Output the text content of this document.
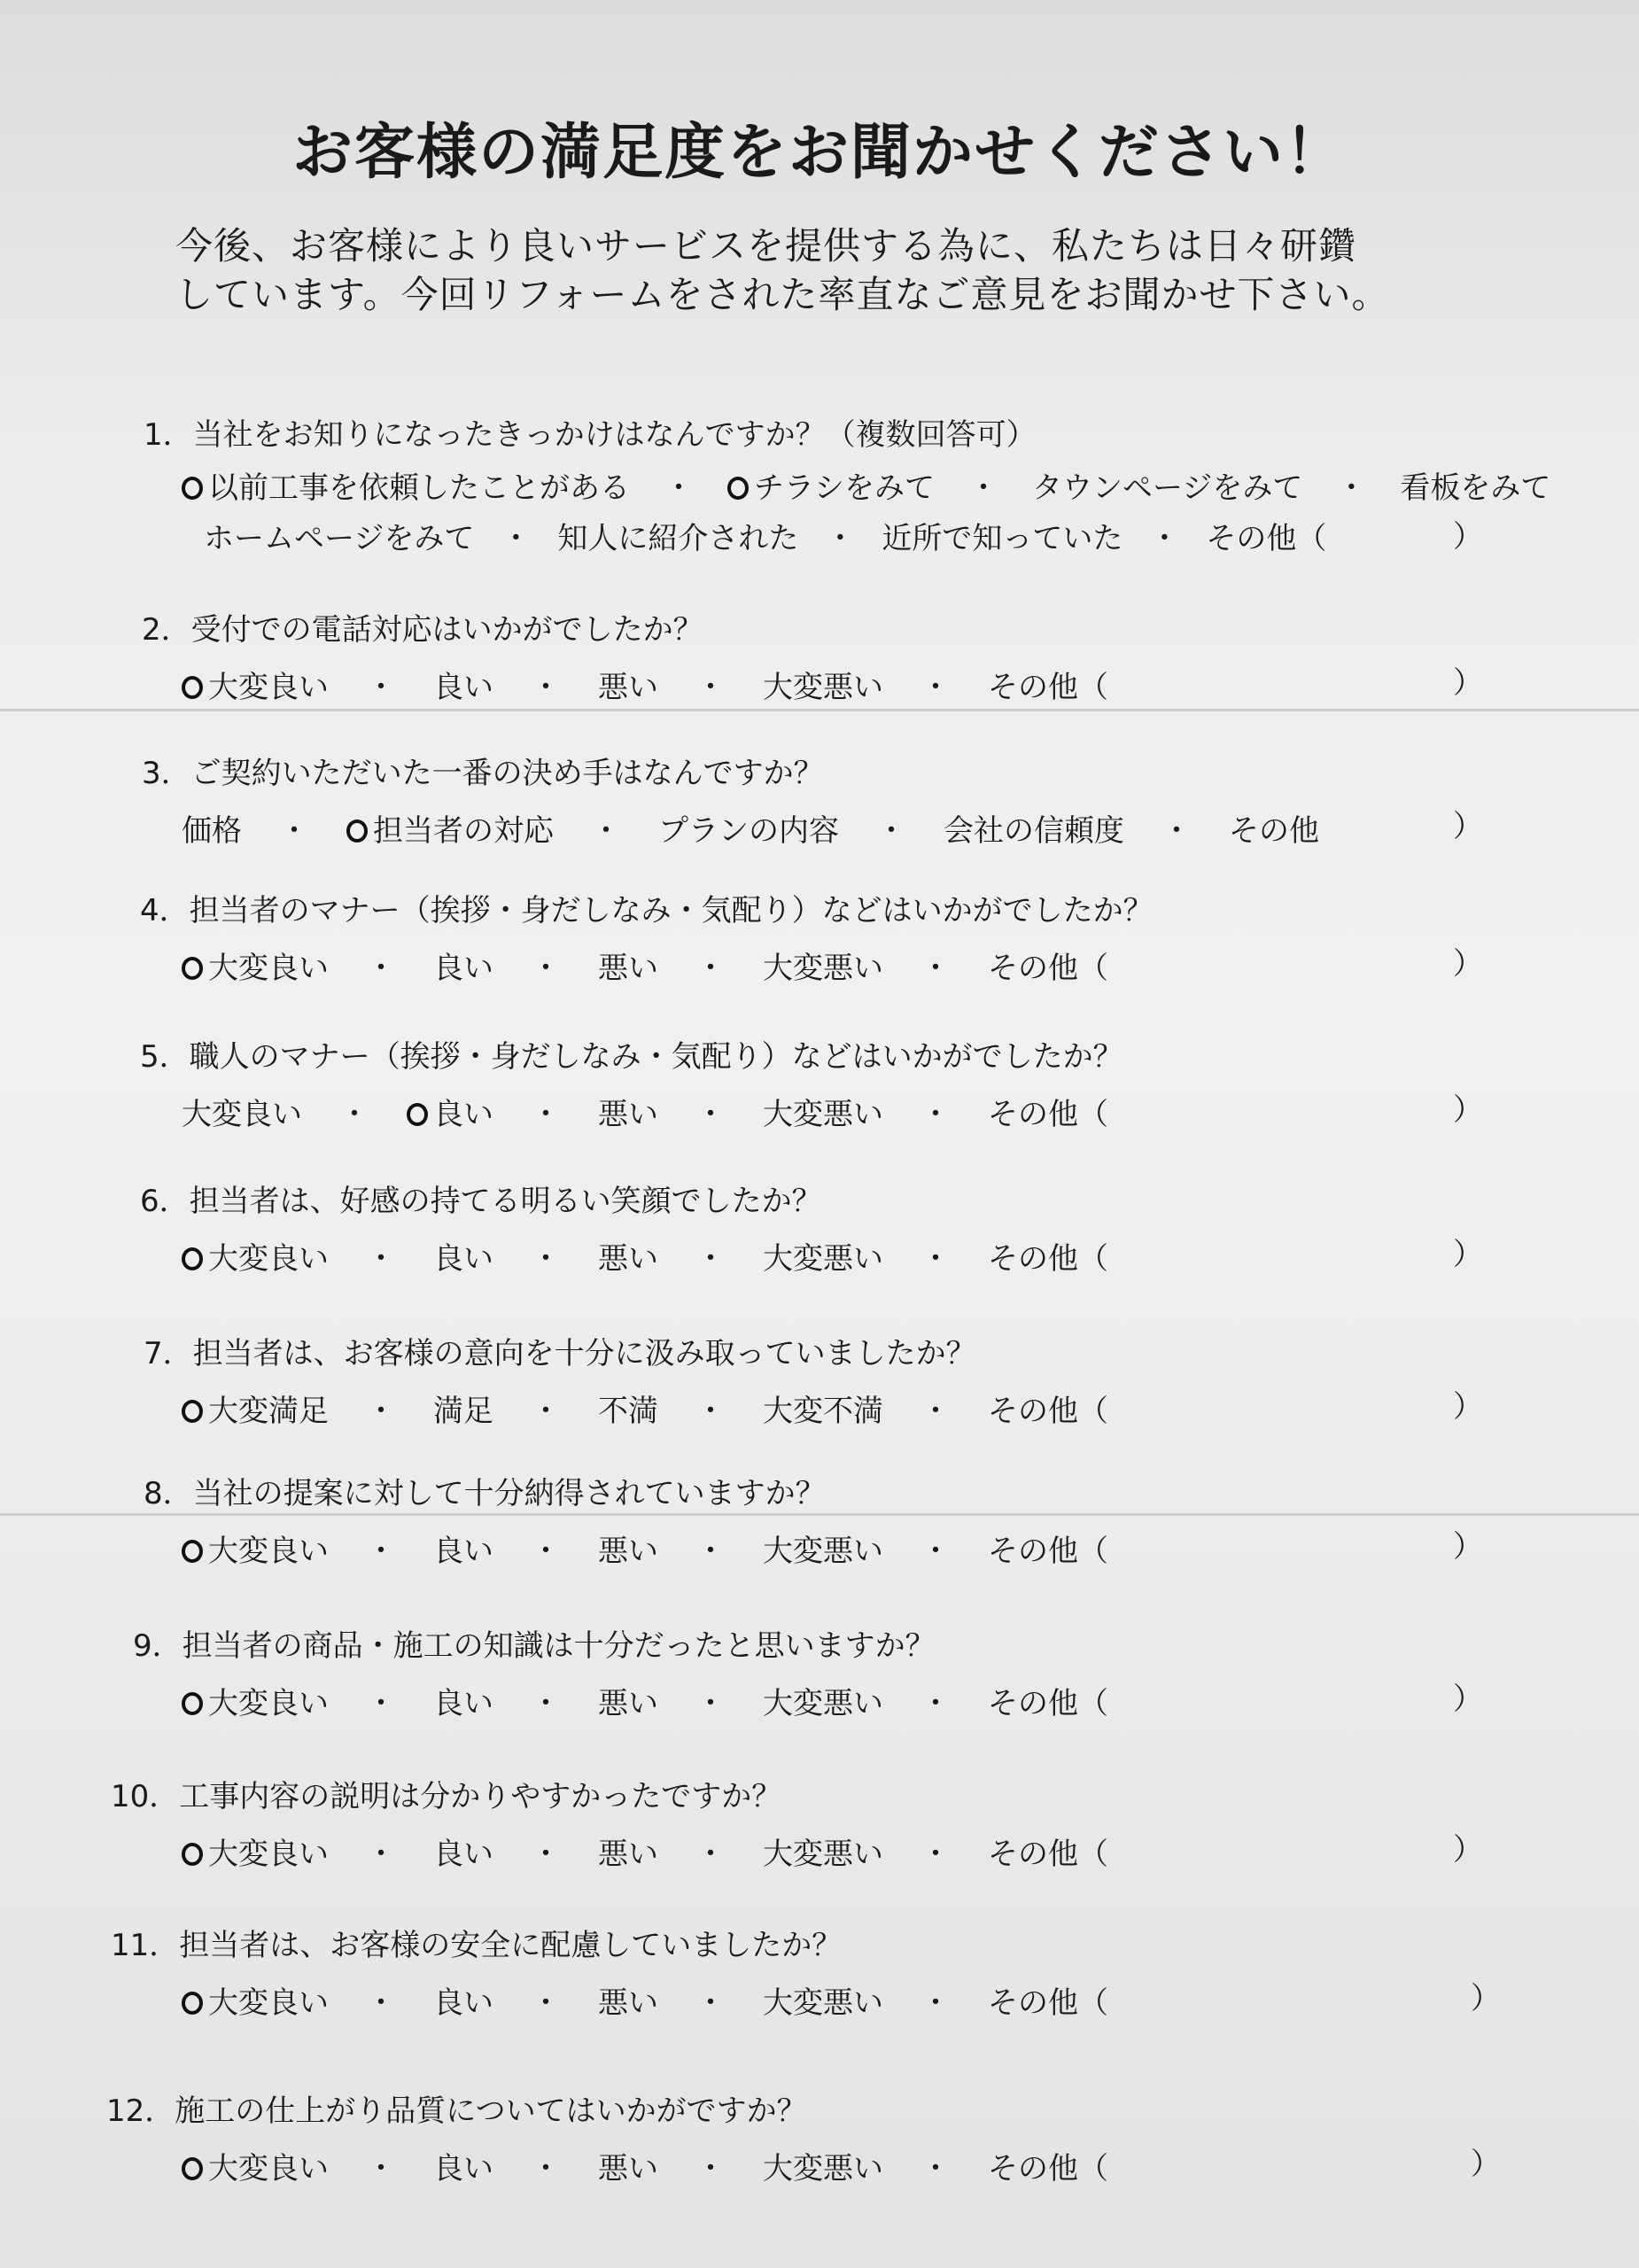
お客様の満足度をお聞かせください！
今後、お客様により良いサービスを提供する為に、私たちは日々研鑽
しています。今回リフォームをされた率直なご意見をお聞かせ下さい。
1．当社をお知りになったきっかけはなんですか？（複数回答可）
以前工事を依頼したことがある ・ チラシをみて ・ タウンページをみて ・ 看板をみて
ホームページをみて ・ 知人に紹介された ・ 近所で知っていた ・ その他（	）
2．受付での電話対応はいかがでしたか？
大変良い ・ 良い ・ 悪い ・ 大変悪い ・ その他（	）
3．ご契約いただいた一番の決め手はなんですか？
価格 ・ 担当者の対応 ・ プランの内容 ・ 会社の信頼度 ・ その他	）
4．担当者のマナー（挨拶・身だしなみ・気配り）などはいかがでしたか？
大変良い ・ 良い ・ 悪い ・ 大変悪い ・ その他（	）
5．職人のマナー（挨拶・身だしなみ・気配り）などはいかがでしたか？
大変良い ・ 良い ・ 悪い ・ 大変悪い ・ その他（	）
6．担当者は、好感の持てる明るい笑顔でしたか？
大変良い ・ 良い ・ 悪い ・ 大変悪い ・ その他（	）
7．担当者は、お客様の意向を十分に汲み取っていましたか？
大変満足 ・ 満足 ・ 不満 ・ 大変不満 ・ その他（	）
8．当社の提案に対して十分納得されていますか？
大変良い ・ 良い ・ 悪い ・ 大変悪い ・ その他（	）
9．担当者の商品・施工の知識は十分だったと思いますか？
大変良い ・ 良い ・ 悪い ・ 大変悪い ・ その他（	）
10．工事内容の説明は分かりやすかったですか？
大変良い ・ 良い ・ 悪い ・ 大変悪い ・ その他（	）
11．担当者は、お客様の安全に配慮していましたか？
大変良い ・ 良い ・ 悪い ・ 大変悪い ・ その他（	）
12．施工の仕上がり品質についてはいかがですか？
大変良い ・ 良い ・ 悪い ・ 大変悪い ・ その他（	）
